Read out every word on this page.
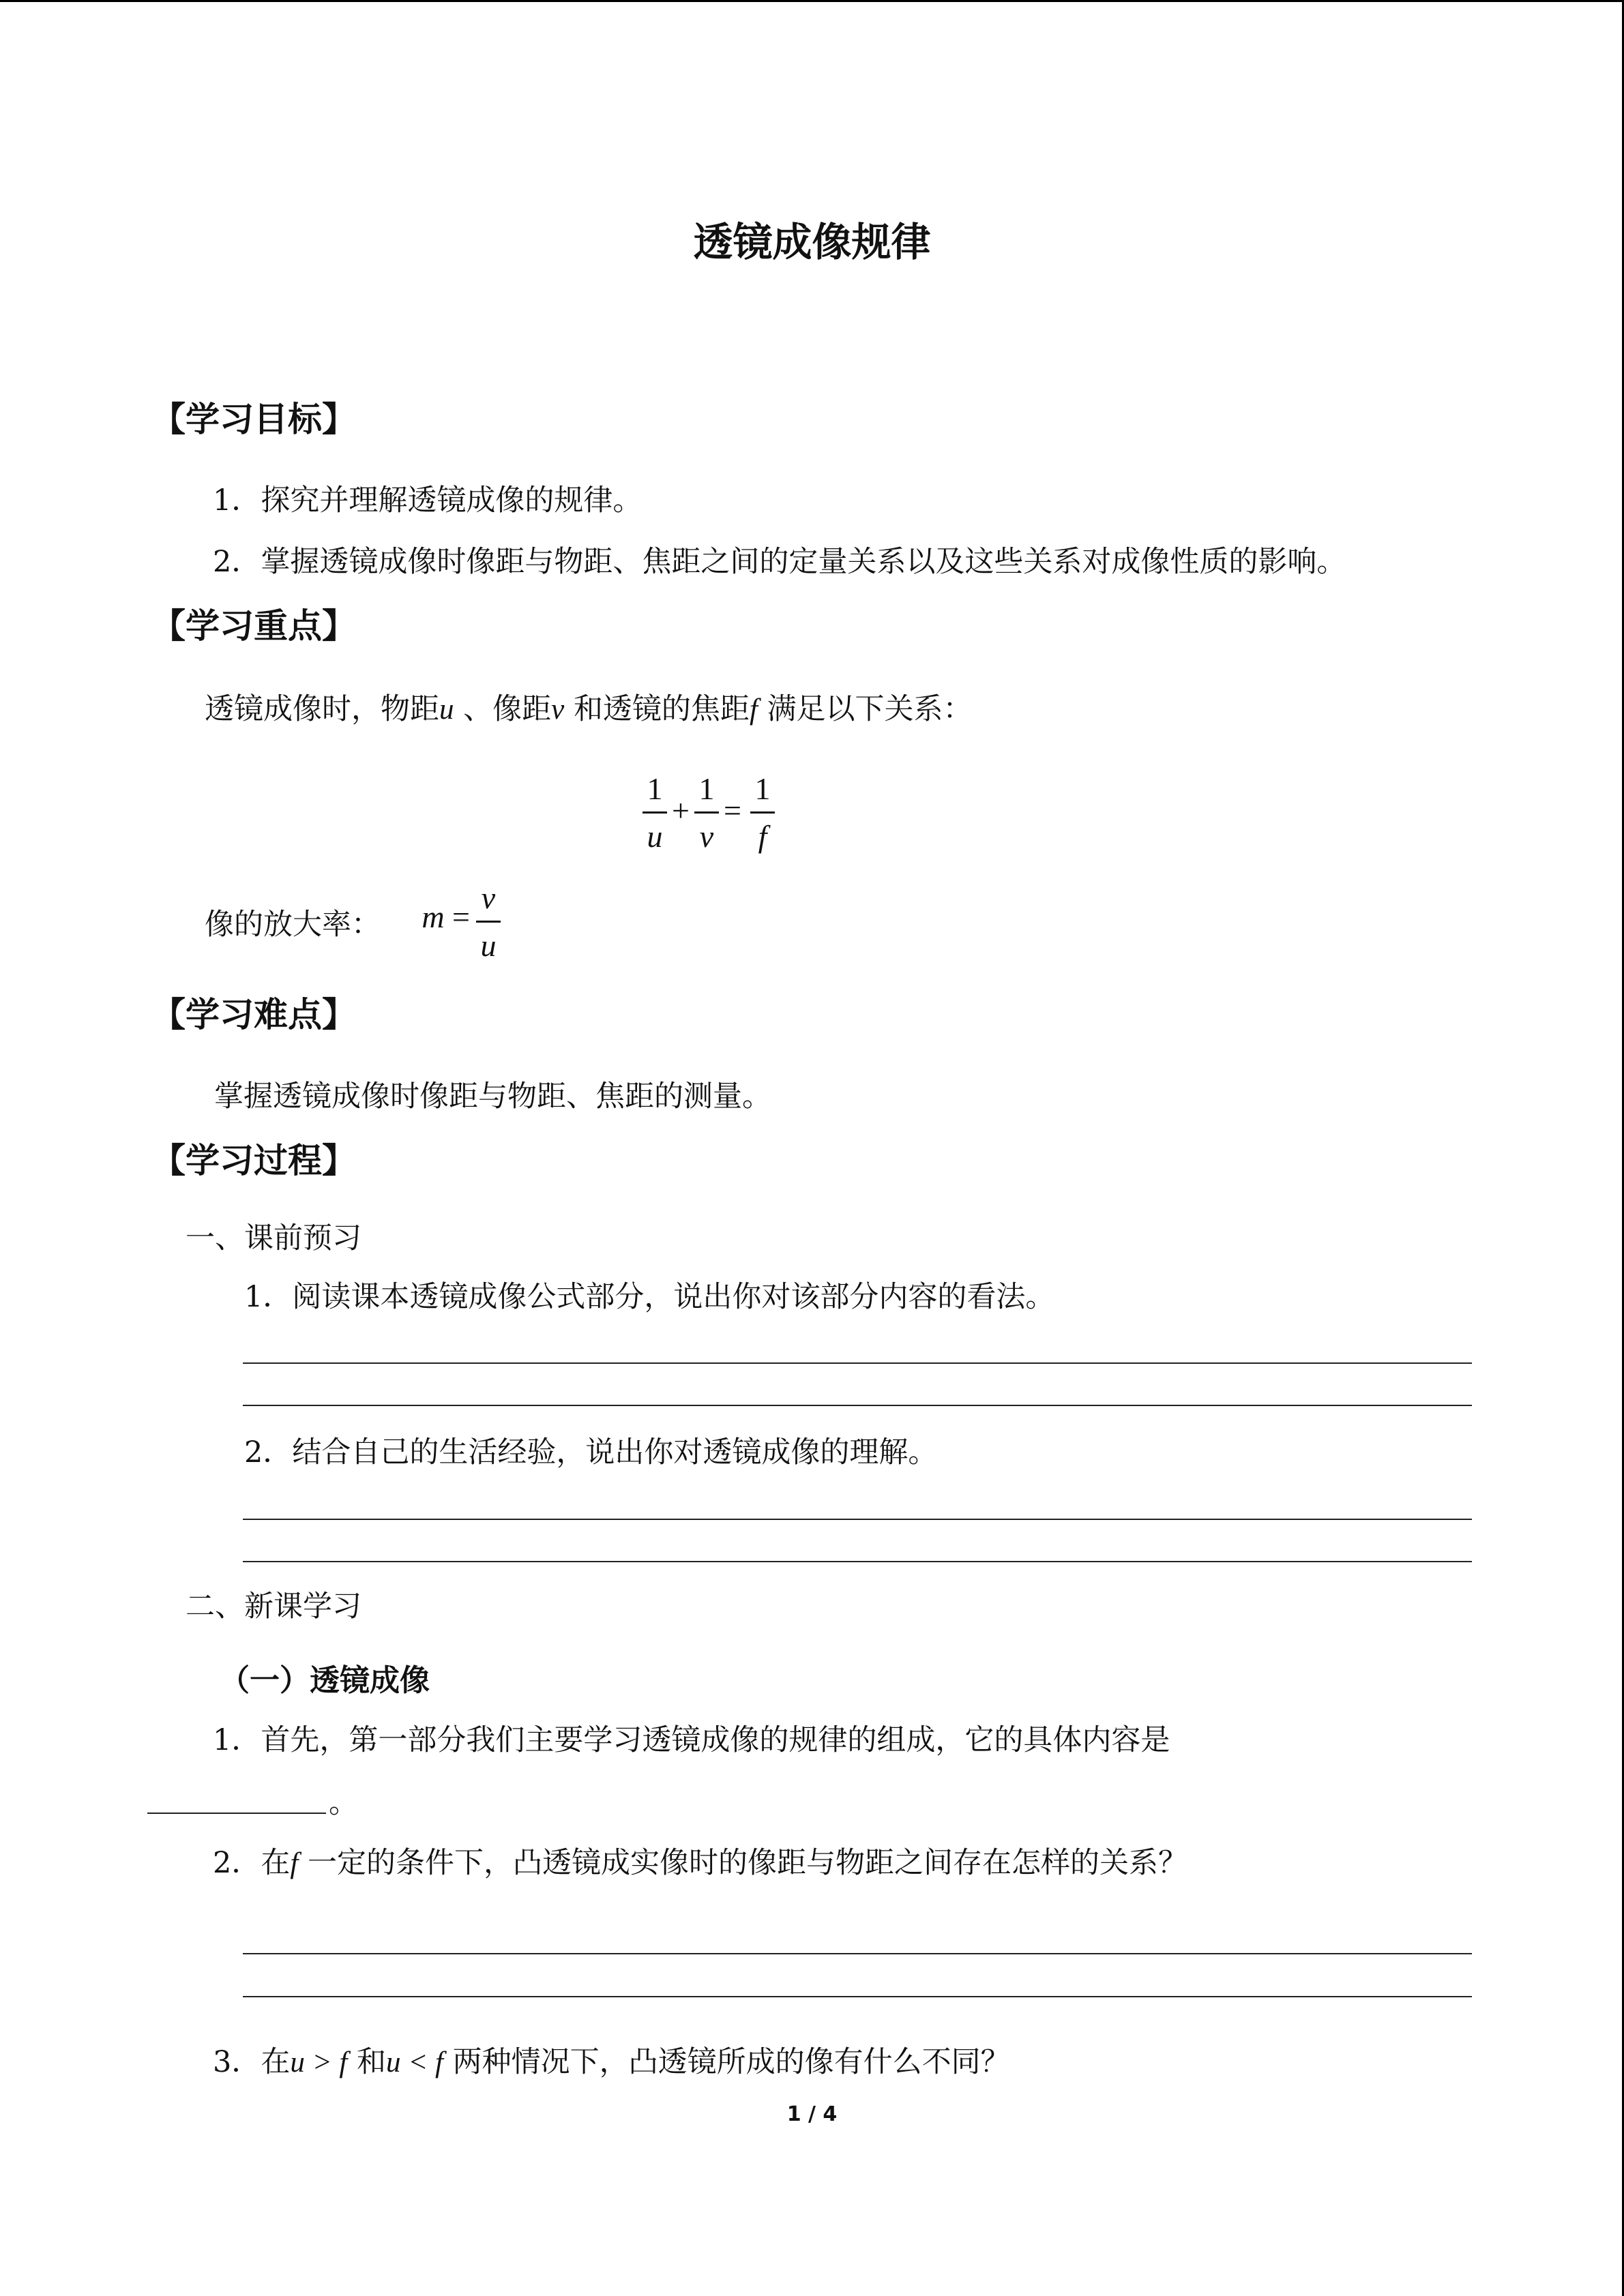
透镜成像规律
【学习目标】
1．探究并理解透镜成像的规律。
2．掌握透镜成像时像距与物距、焦距之间的定量关系以及这些关系对成像性质的影响。
【学习重点】
透镜成像时，物距u 、像距v 和透镜的焦距f 满足以下关系：
1
u
+
1
v
=
1
f
像的放大率： m =
v
u
【学习难点】
掌握透镜成像时像距与物距、焦距的测量。
【学习过程】
一、课前预习
1．阅读课本透镜成像公式部分，说出你对该部分内容的看法。
2．结合自己的生活经验，说出你对透镜成像的理解。
二、新课学习
（一）透镜成像
1．首先，第一部分我们主要学习透镜成像的规律的组成，它的具体内容是
。
2．在f 一定的条件下，凸透镜成实像时的像距与物距之间存在怎样的关系？
3．在u > f 和u < f 两种情况下，凸透镜所成的像有什么不同？
1 / 4
